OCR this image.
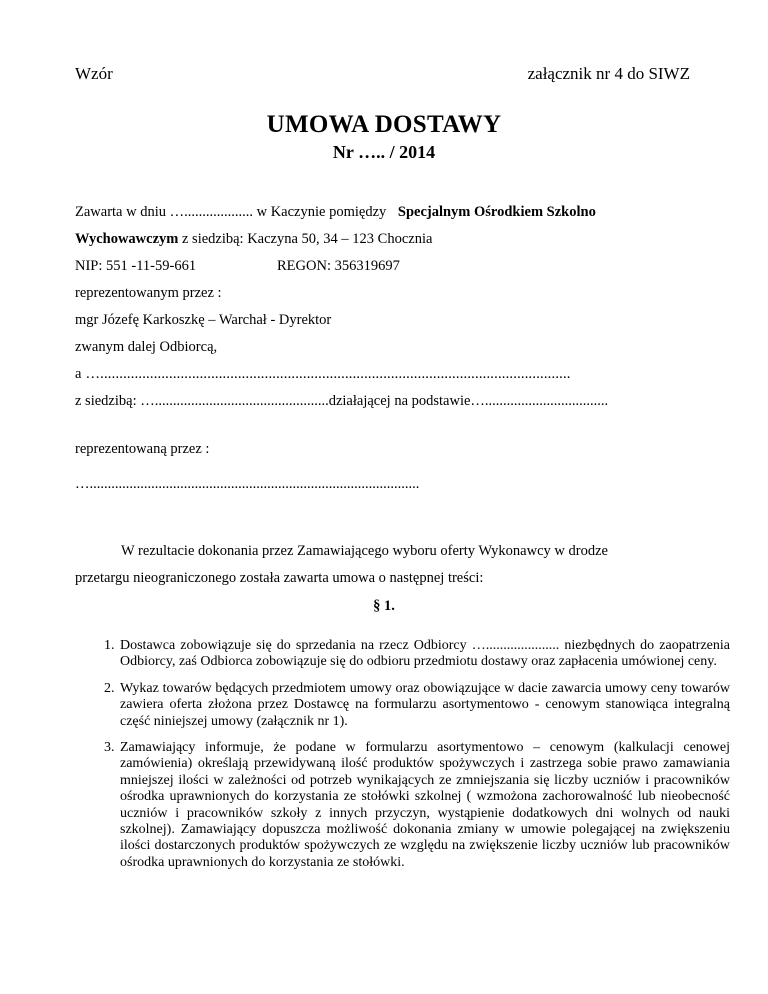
Wzór	załącznik nr 4 do SIWZ
UMOWA DOSTAWY
Nr ….. / 2014
Zawarta w dniu …................... w Kaczynie pomiędzy Specjalnym Ośrodkiem Szkolno
Wychowawczym z siedzibą: Kaczyna 50, 34 – 123 Chocznia
NIP: 551 -11-59-661	REGON: 356319697
reprezentowanym przez :
mgr Józefę Karkoszkę – Warchał - Dyrektor
zwanym dalej Odbiorcą,
a …...........................................................................................................................
z siedzibą: …................................................działającej na podstawie…..................................
reprezentowaną przez :
…...........................................................................................
W rezultacie dokonania przez Zamawiającego wyboru oferty Wykonawcy w drodze
przetargu nieograniczonego została zawarta umowa o następnej treści:
§ 1.
1. Dostawca zobowiązuje się do sprzedania na rzecz Odbiorcy …..................... niezbędnych do zaopatrzenia Odbiorcy, zaś Odbiorca zobowiązuje się do odbioru przedmiotu dostawy oraz zapłacenia umówionej ceny.
2. Wykaz towarów będących przedmiotem umowy oraz obowiązujące w dacie zawarcia umowy ceny towarów zawiera oferta złożona przez Dostawcę na formularzu asortymentowo - cenowym stanowiąca integralną część niniejszej umowy (załącznik nr 1).
3. Zamawiający informuje, że podane w formularzu asortymentowo – cenowym (kalkulacji cenowej zamówienia) określają przewidywaną ilość produktów spożywczych i zastrzega sobie prawo zamawiania mniejszej ilości w zależności od potrzeb wynikających ze zmniejszania się liczby uczniów i pracowników ośrodka uprawnionych do korzystania ze stołówki szkolnej ( wzmożona zachorowalność lub nieobecność uczniów i pracowników szkoły z innych przyczyn, wystąpienie dodatkowych dni wolnych od nauki szkolnej). Zamawiający dopuszcza możliwość dokonania zmiany w umowie polegającej na zwiększeniu ilości dostarczonych produktów spożywczych ze względu na zwiększenie liczby uczniów lub pracowników ośrodka uprawnionych do korzystania ze stołówki.
